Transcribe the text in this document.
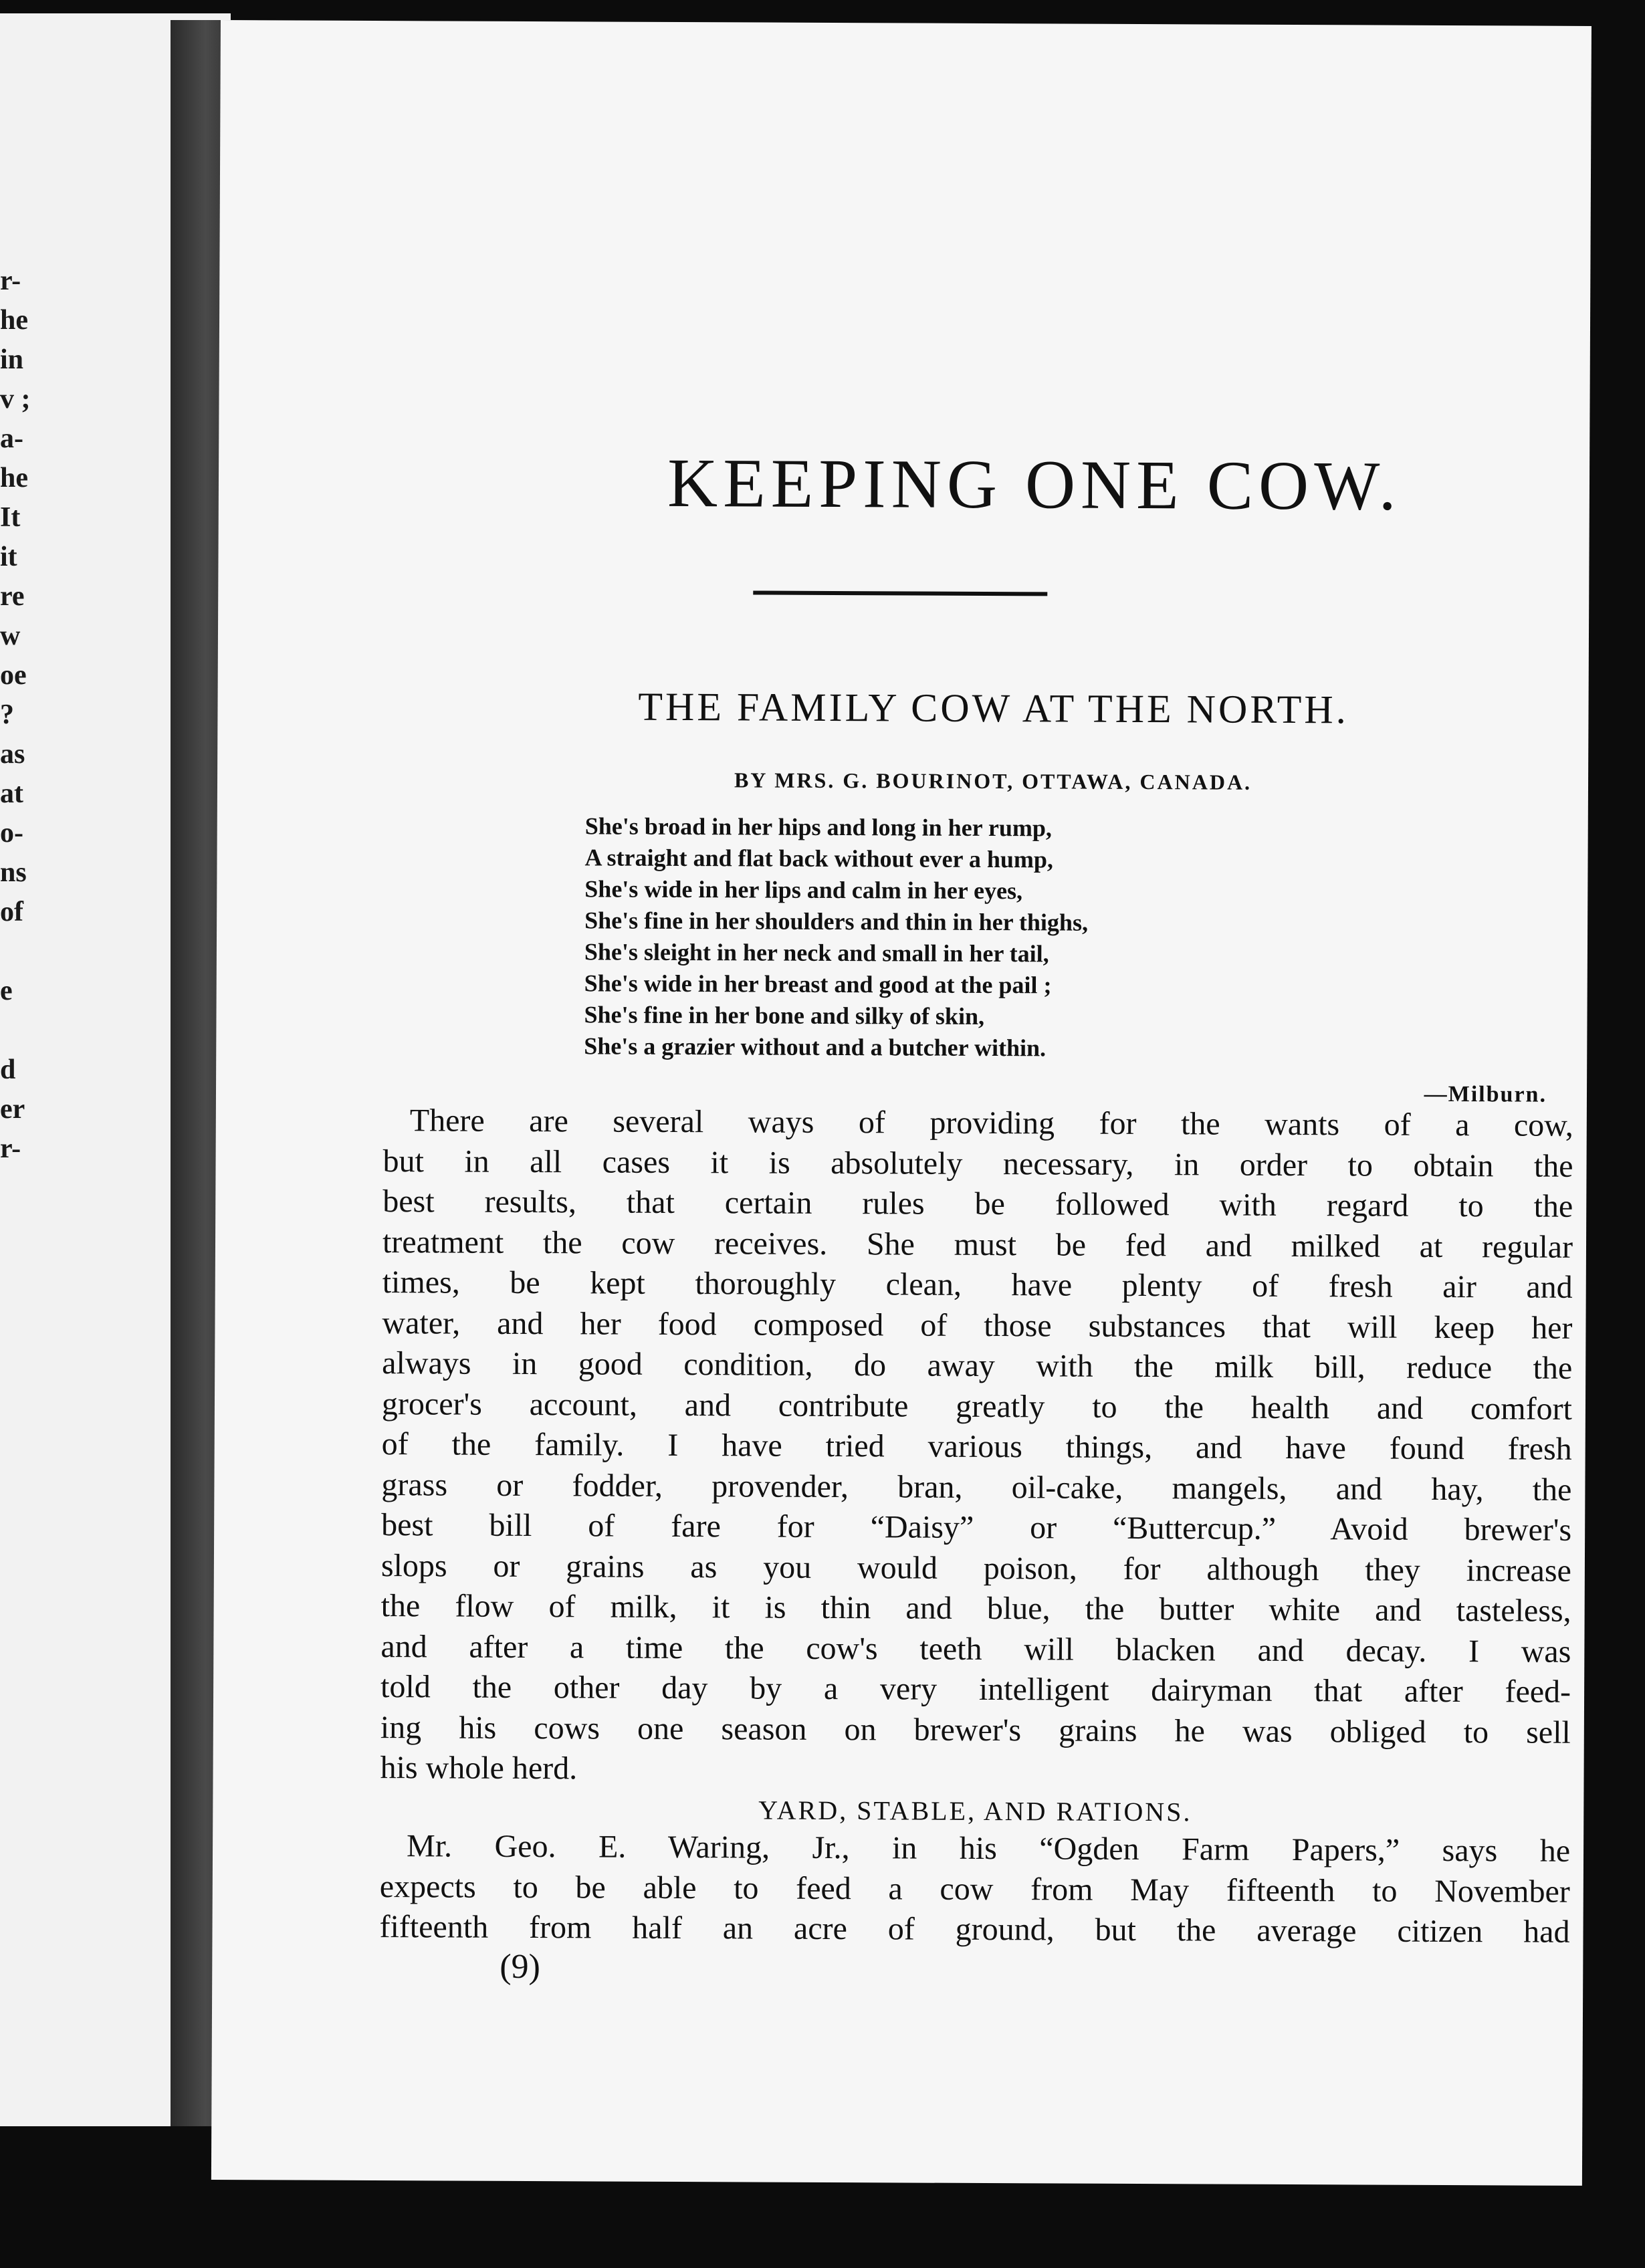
r-
he
in
v ;
a-
he
It
it
re
w
oe
?
as
at
o-
ns
of
e
d
er
r-
KEEPING ONE COW.
THE FAMILY COW AT THE NORTH.

BY MRS. G. BOURINOT, OTTAWA, CANADA.

She's broad in her hips and long in her rump,
A straight and flat back without ever a hump,
She's wide in her lips and calm in her eyes,
She's fine in her shoulders and thin in her thighs,
She's sleight in her neck and small in her tail,
She's wide in her breast and good at the pail ;
She's fine in her bone and silky of skin,
She's a grazier without and a butcher within.

—Milburn.

There are several ways of providing for the wants of a cow,
but in all cases it is absolutely necessary, in order to obtain the
best results, that certain rules be followed with regard to the
treatment the cow receives. She must be fed and milked at regular
times, be kept thoroughly clean, have plenty of fresh air and
water, and her food composed of those substances that will keep her
always in good condition, do away with the milk bill, reduce the
grocer's account, and contribute greatly to the health and comfort
of the family. I have tried various things, and have found fresh
grass or fodder, provender, bran, oil-cake, mangels, and hay, the
best bill of fare for “Daisy” or “Buttercup.” Avoid brewer's
slops or grains as you would poison, for although they increase
the flow of milk, it is thin and blue, the butter white and tasteless,
and after a time the cow's teeth will blacken and decay. I was
told the other day by a very intelligent dairyman that after feed-
ing his cows one season on brewer's grains he was obliged to sell
his whole herd.

YARD, STABLE, AND RATIONS.

Mr. Geo. E. Waring, Jr., in his “Ogden Farm Papers,” says he
expects to be able to feed a cow from May fifteenth to November
fifteenth from half an acre of ground, but the average citizen had

(9)
